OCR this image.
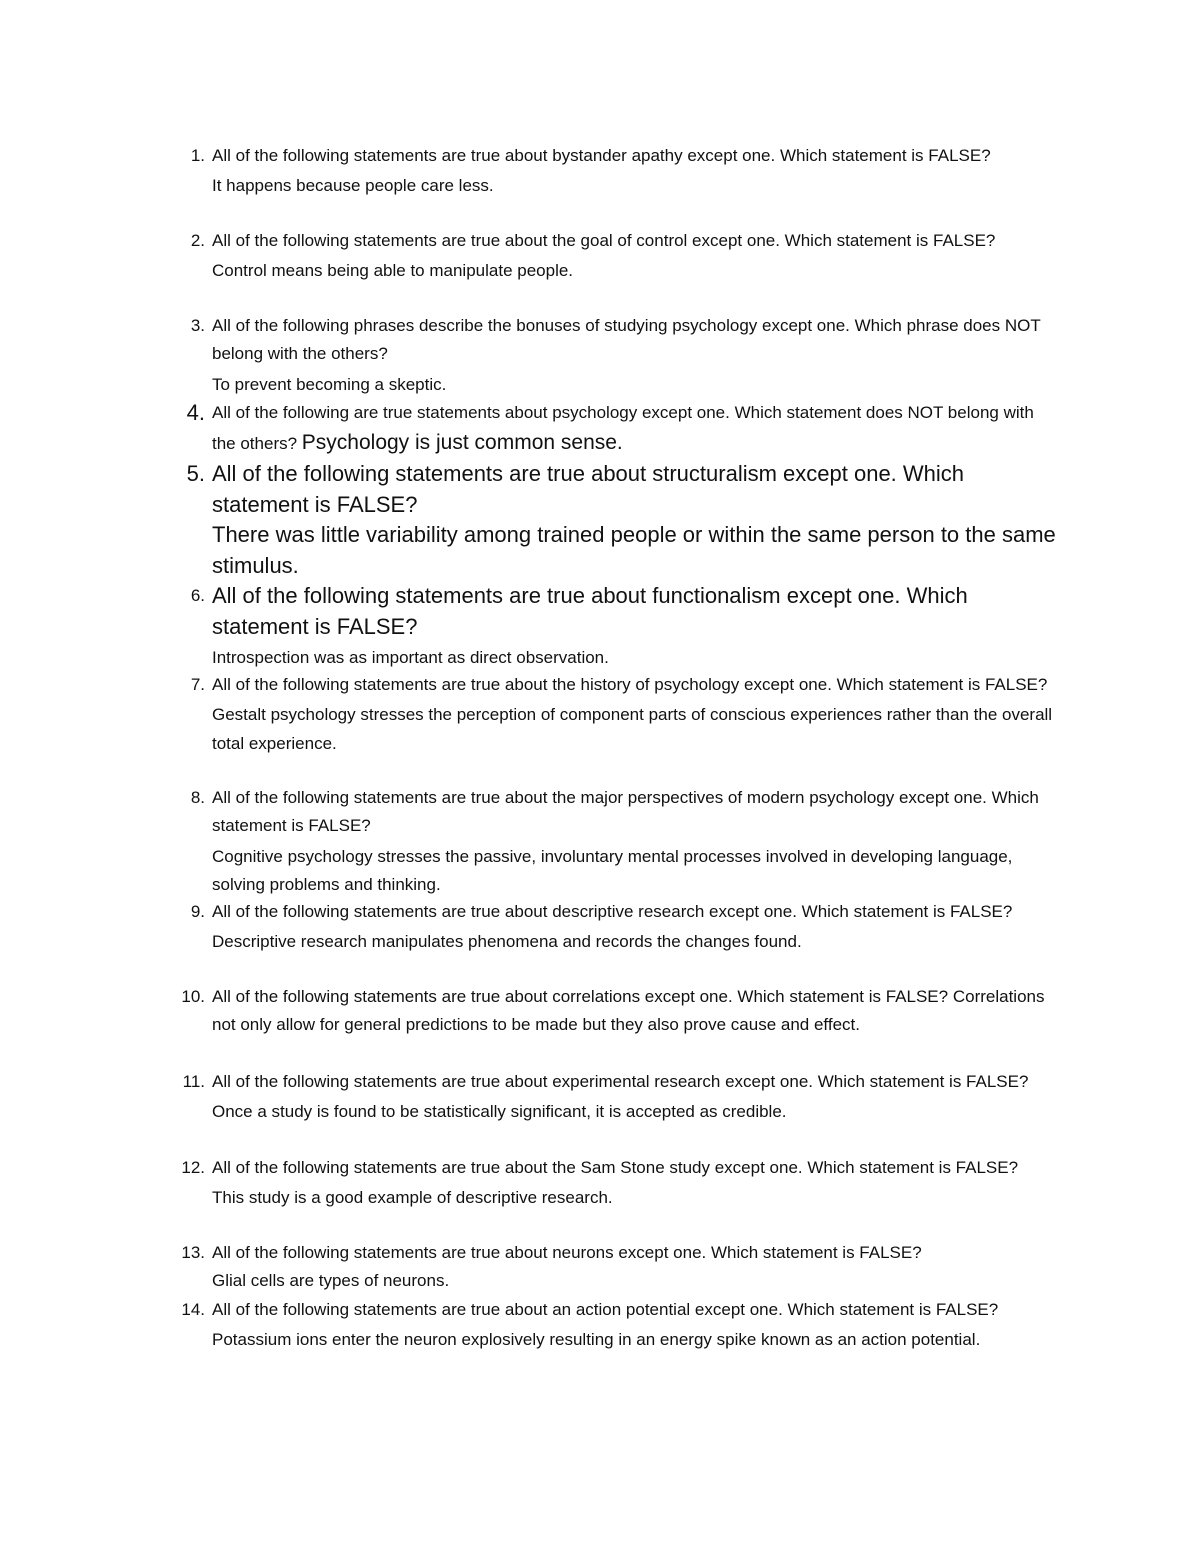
1. All of the following statements are true about bystander apathy except one. Which statement is FALSE?
It happens because people care less.
2. All of the following statements are true about the goal of control except one. Which statement is FALSE?
Control means being able to manipulate people.
3. All of the following phrases describe the bonuses of studying psychology except one. Which phrase does NOT belong with the others?
To prevent becoming a skeptic.
4. All of the following are true statements about psychology except one. Which statement does NOT belong with the others? Psychology is just common sense.
5. All of the following statements are true about structuralism except one. Which statement is FALSE?
There was little variability among trained people or within the same person to the same stimulus.
6. All of the following statements are true about functionalism except one. Which statement is FALSE?
Introspection was as important as direct observation.
7. All of the following statements are true about the history of psychology except one. Which statement is FALSE?
Gestalt psychology stresses the perception of component parts of conscious experiences rather than the overall total experience.
8. All of the following statements are true about the major perspectives of modern psychology except one. Which statement is FALSE?
Cognitive psychology stresses the passive, involuntary mental processes involved in developing language, solving problems and thinking.
9. All of the following statements are true about descriptive research except one. Which statement is FALSE?
Descriptive research manipulates phenomena and records the changes found.
10. All of the following statements are true about correlations except one. Which statement is FALSE? Correlations not only allow for general predictions to be made but they also prove cause and effect.
11. All of the following statements are true about experimental research except one. Which statement is FALSE?
Once a study is found to be statistically significant, it is accepted as credible.
12. All of the following statements are true about the Sam Stone study except one. Which statement is FALSE?
This study is a good example of descriptive research.
13. All of the following statements are true about neurons except one. Which statement is FALSE?
Glial cells are types of neurons.
14. All of the following statements are true about an action potential except one. Which statement is FALSE?
Potassium ions enter the neuron explosively resulting in an energy spike known as an action potential.
